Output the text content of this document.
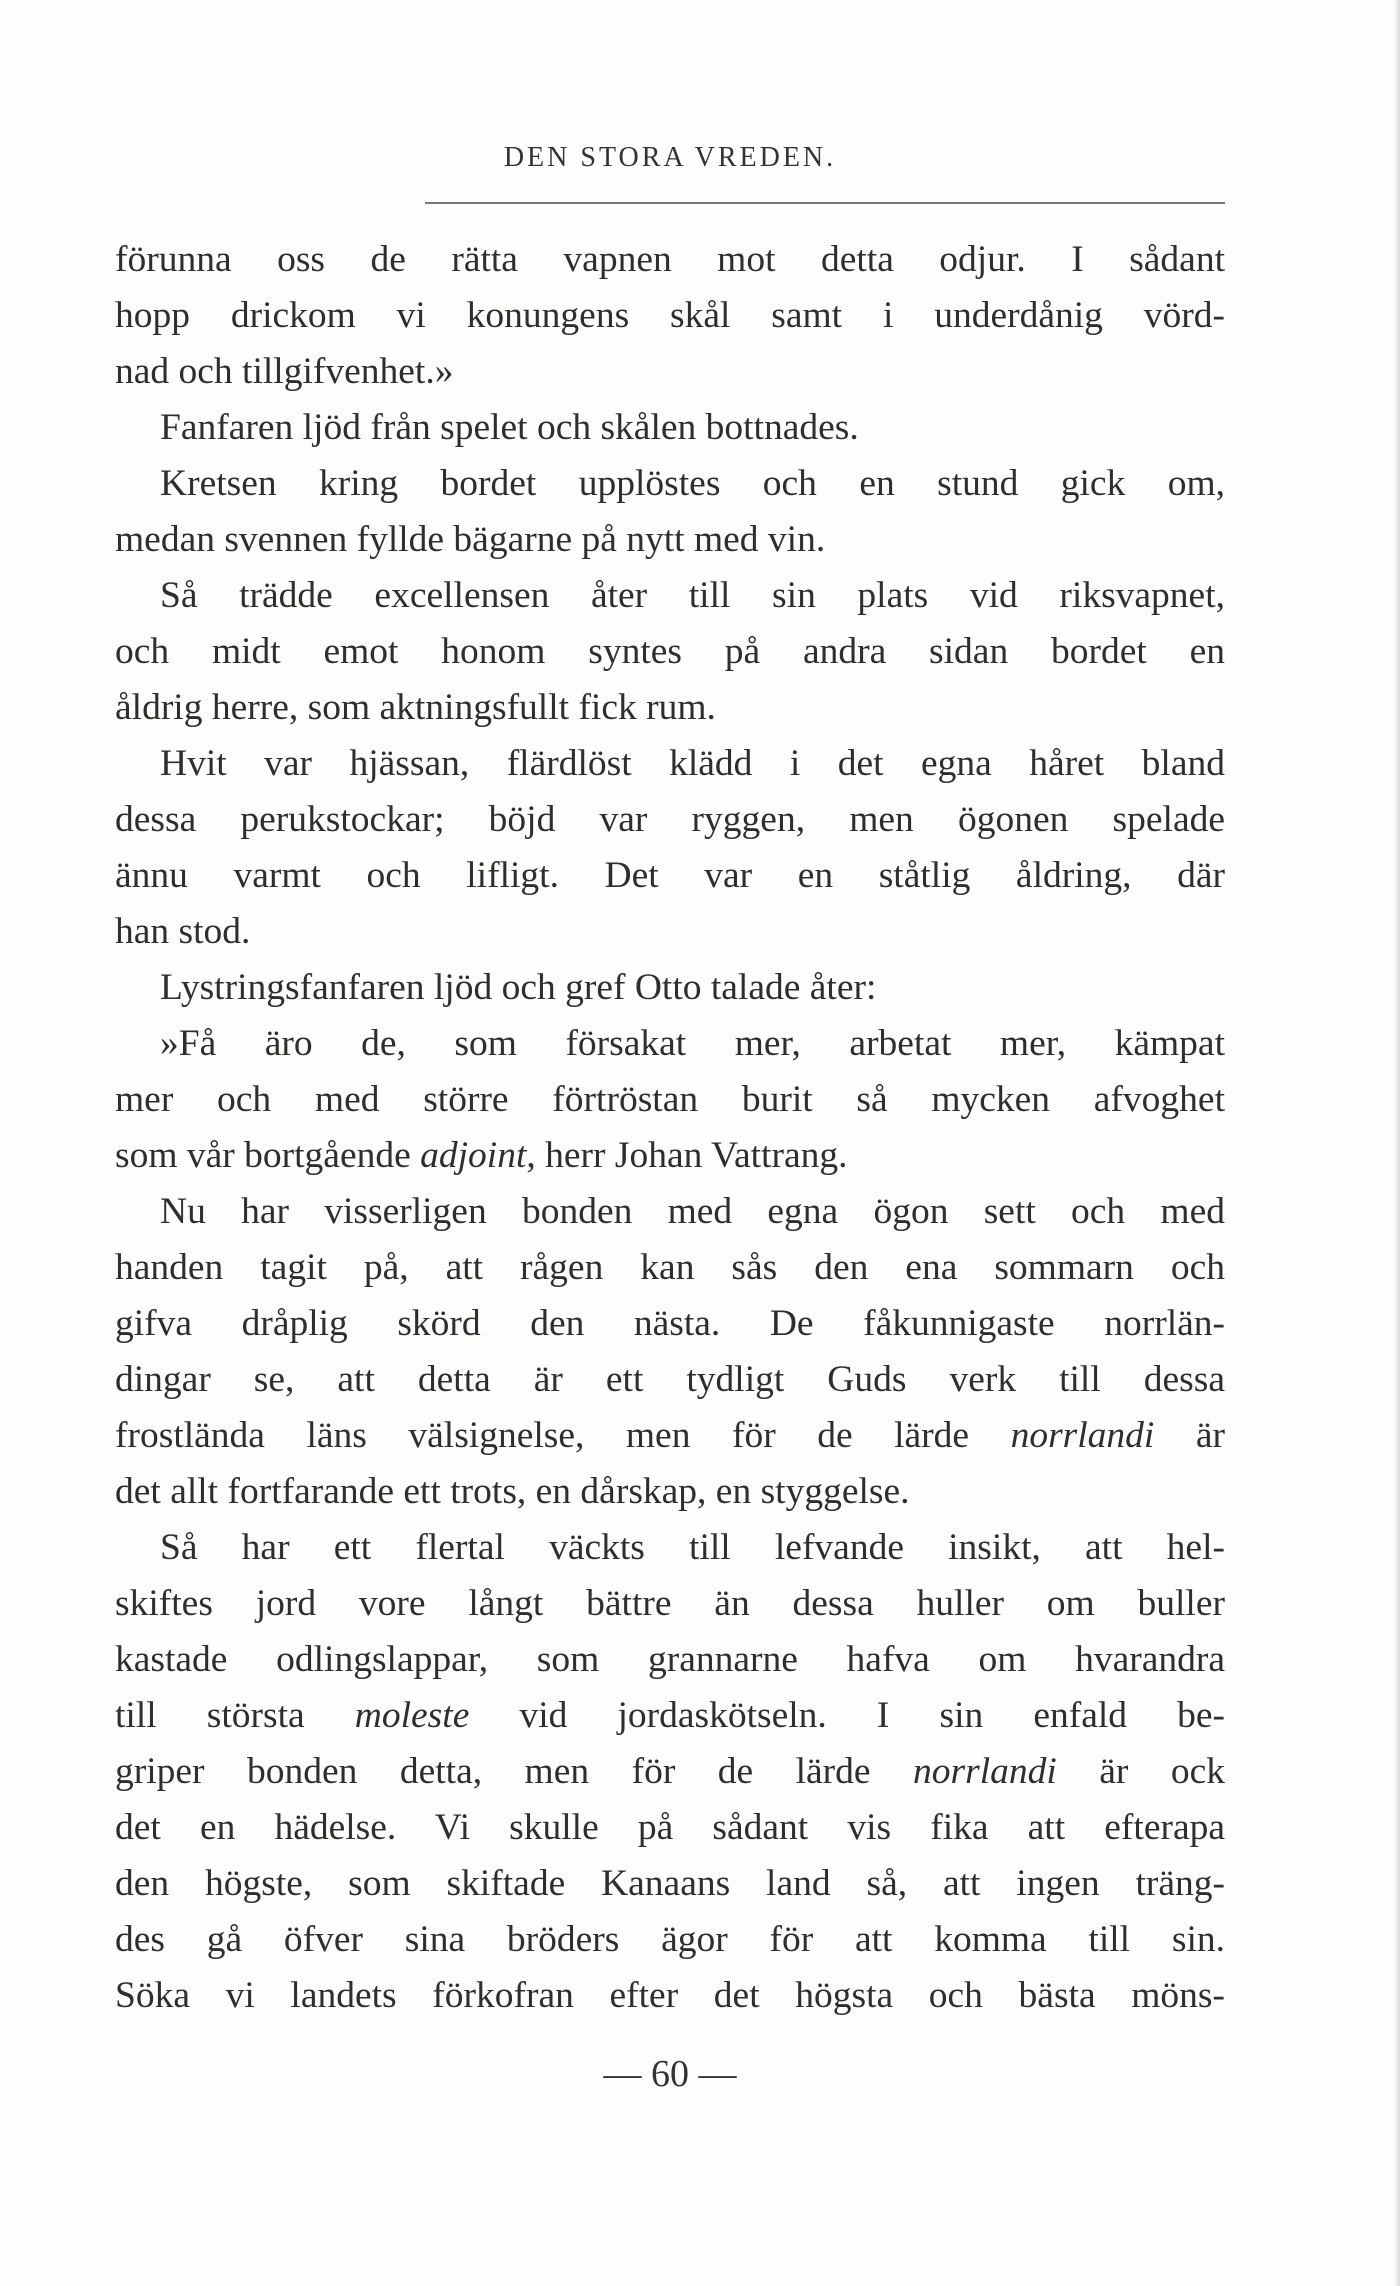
DEN STORA VREDEN.
förunna oss de rätta vapnen mot detta odjur. I sådant
hopp drickom vi konungens skål samt i underdånig vörd-
nad och tillgifvenhet.»
Fanfaren ljöd från spelet och skålen bottnades.
Kretsen kring bordet upplöstes och en stund gick om,
medan svennen fyllde bägarne på nytt med vin.
Så trädde excellensen åter till sin plats vid riksvapnet,
och midt emot honom syntes på andra sidan bordet en
åldrig herre, som aktningsfullt fick rum.
Hvit var hjässan, flärdlöst klädd i det egna håret bland
dessa perukstockar; böjd var ryggen, men ögonen spelade
ännu varmt och lifligt. Det var en ståtlig åldring, där
han stod.
Lystringsfanfaren ljöd och gref Otto talade åter:
»Få äro de, som försakat mer, arbetat mer, kämpat
mer och med större förtröstan burit så mycken afvoghet
som vår bortgående adjoint, herr Johan Vattrang.
Nu har visserligen bonden med egna ögon sett och med
handen tagit på, att rågen kan sås den ena sommarn och
gifva dråplig skörd den nästa. De fåkunnigaste norrlän-
dingar se, att detta är ett tydligt Guds verk till dessa
frostlända läns välsignelse, men för de lärde norrlandi är
det allt fortfarande ett trots, en dårskap, en styggelse.
Så har ett flertal väckts till lefvande insikt, att hel-
skiftes jord vore långt bättre än dessa huller om buller
kastade odlingslappar, som grannarne hafva om hvarandra
till största moleste vid jordaskötseln. I sin enfald be-
griper bonden detta, men för de lärde norrlandi är ock
det en hädelse. Vi skulle på sådant vis fika att efterapa
den högste, som skiftade Kanaans land så, att ingen träng-
des gå öfver sina bröders ägor för att komma till sin.
Söka vi landets förkofran efter det högsta och bästa möns-
— 60 —
